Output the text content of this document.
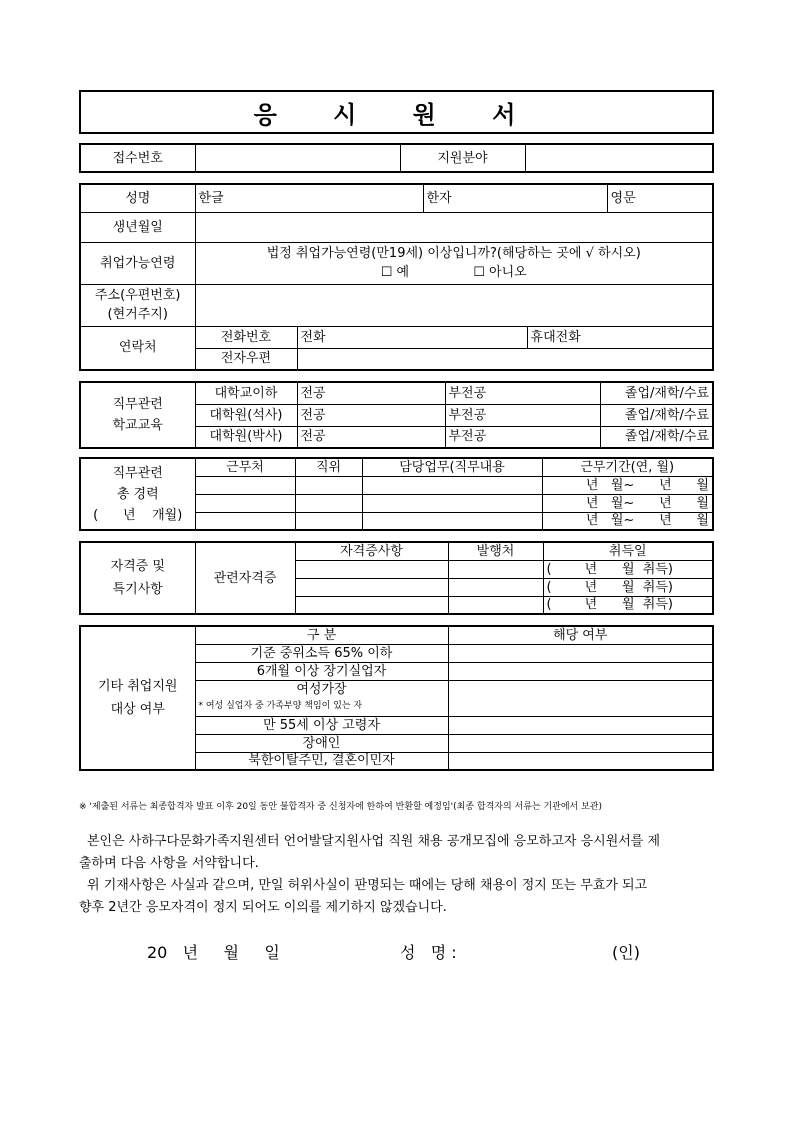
응 시 원 서
접수번호		지원분야	
성명	한글		한자		영문
생년월일					
취업가능연령	법정 취업가능연령(만19세) 이상입니까?(해당하는 곳에 √ 하시오)
☐ 예 ☐ 아니오				

주소(우편번호)
(현거주지)					

연락처	전화번호	전화		휴대전화	
	전자우편				
직무관련
학교교육	대학교이하	전공	부전공	졸업/재학/수료
	대학원(석사)	전공	부전공	졸업/재학/수료
	대학원(박사)	전공	부전공	졸업/재학/수료
직무관련
총 경력
(      년    개월)	근무처	직위	담당업무(직무내용	근무기간(연, 월)
				년   월~      년      월
				년   월~      년      월
				년   월~      년      월
자격증 및
특기사항	관련자격증	자격증사항	발행처	취득일
				(        년      월  취득)
				(        년      월  취득)
				(        년      월  취득)
기타 취업지원
대상 여부	구 분	해당 여부
	기준 중위소득 65% 이하	
	6개월 이상 장기실업자	
	여성가장	
	* 여성 실업자 중 가족부양 책임이 있는 자	
	만 55세 이상 고령자	
	장애인	
	북한이탈주민, 결혼이민자	
※ '제출된 서류는 최종합격자 발표 이후 20일 동안 불합격자 중 신청자에 한하여 반환할 예정임'(최종 합격자의 서류는 기관에서 보관)
본인은 사하구다문화가족지원센터 언어발달지원사업 직원 채용 공개모집에 응모하고자 응시원서를 제
출하며 다음 사항을 서약합니다.
위 기재사항은 사실과 같으며, 만일 허위사실이 판명되는 때에는 당해 채용이 정지 또는 무효가 되고
향후 2년간 응모자격이 정지 되어도 이의를 제기하지 않겠습니다.
20   년     월     일	성   명 :	(인)
